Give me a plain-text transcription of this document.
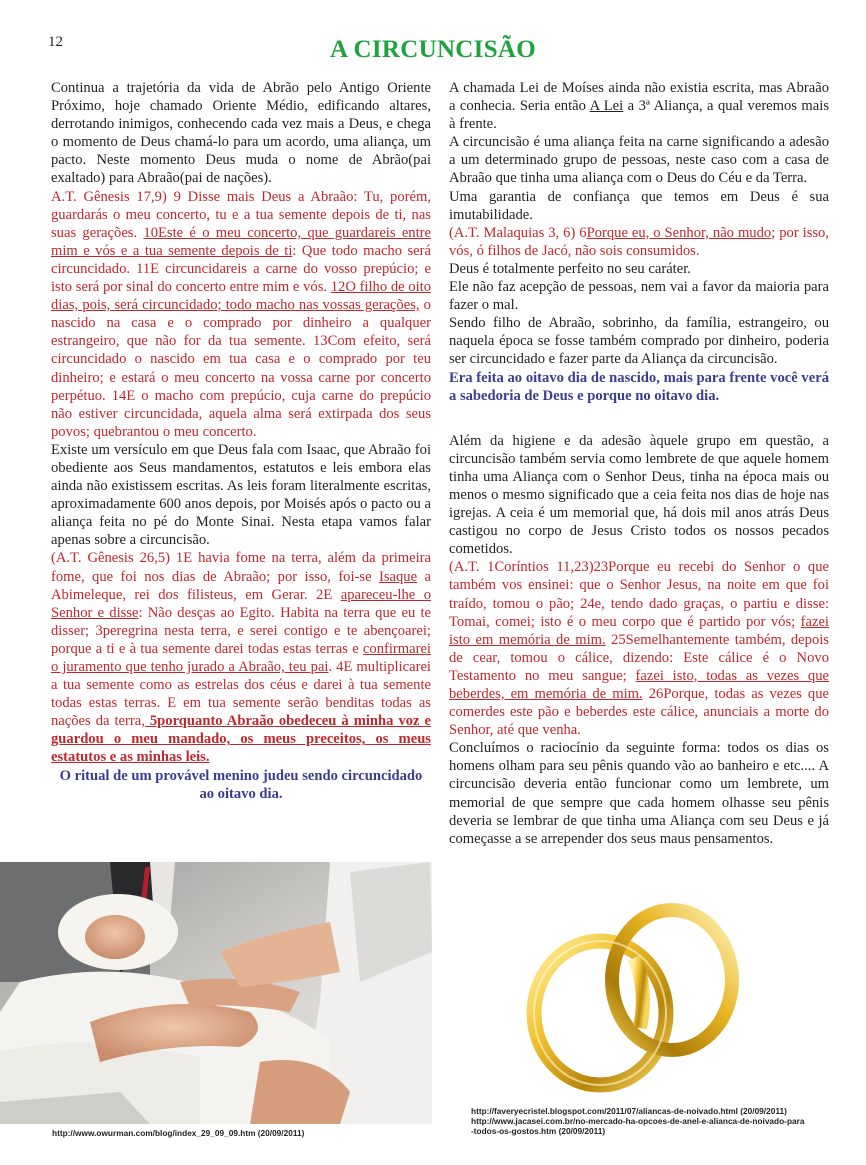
12	A CIRCUNCISÃO

Continua a trajetória da vida de Abrão pelo Antigo Oriente Próximo, hoje chamado Oriente Médio, edificando altares, derrotando inimigos, conhecendo cada vez mais a Deus, e chega o momento de Deus chamá-lo para um acordo, uma aliança, um pacto. Neste momento Deus muda o nome de Abrão(pai exaltado) para Abraão(pai de nações).

A.T. Gênesis 17,9) 9 Disse mais Deus a Abraão: Tu, porém, guardarás o meu concerto, tu e a tua semente depois de ti, nas suas gerações. 10Este é o meu concerto, que guardareis entre mim e vós e a tua semente depois de ti: Que todo macho será circuncidado. 11E circuncidareis a carne do vosso prepúcio; e isto será por sinal do concerto entre mim e vós. 12O filho de oito dias, pois, será circuncidado; todo macho nas vossas gerações, o nascido na casa e o comprado por dinheiro a qualquer estrangeiro, que não for da tua semente. 13Com efeito, será circuncidado o nascido em tua casa e o comprado por teu dinheiro; e estará o meu concerto na vossa carne por concerto perpétuo. 14E o macho com prepúcio, cuja carne do prepúcio não estiver circuncidada, aquela alma será extirpada dos seus povos; quebrantou o meu concerto.

Existe um versículo em que Deus fala com Isaac, que Abraão foi obediente aos Seus mandamentos, estatutos e leis embora elas ainda não existissem escritas. As leis foram literalmente escritas, aproximadamente 600 anos depois, por Moisés após o pacto ou a aliança feita no pé do Monte Sinai. Nesta etapa vamos falar apenas sobre a circuncisão.

(A.T. Gênesis 26,5) 1E havia fome na terra, além da primeira fome, que foi nos dias de Abraão; por isso, foi-se Isaque a Abimeleque, rei dos filisteus, em Gerar. 2E apareceu-lhe o Senhor e disse: Não desças ao Egito. Habita na terra que eu te disser; 3peregrina nesta terra, e serei contigo e te abençoarei; porque a ti e à tua semente darei todas estas terras e confirmarei o juramento que tenho jurado a Abraão, teu pai. 4E multiplicarei a tua semente como as estrelas dos céus e darei à tua semente todas estas terras. E em tua semente serão benditas todas as nações da terra, 5porquanto Abraão obedeceu à minha voz e guardou o meu mandado, os meus preceitos, os meus estatutos e as minhas leis.

O ritual de um provável menino judeu sendo circuncidado ao oitavo dia.

A chamada Lei de Moíses ainda não existia escrita, mas Abraão a conhecia. Seria então A Lei a 3ª Aliança, a qual veremos mais à frente.

A circuncisão é uma aliança feita na carne significando a adesão a um determinado grupo de pessoas, neste caso com a casa de Abraão que tinha uma aliança com o Deus do Céu e da Terra.

Uma garantia de confiança que temos em Deus é sua imutabilidade.

(A.T. Malaquias 3, 6) 6Porque eu, o Senhor, não mudo; por isso, vós, ó filhos de Jacó, não sois consumidos.

Deus é totalmente perfeito no seu caráter.

Ele não faz acepção de pessoas, nem vai a favor da maioria para fazer o mal.

Sendo filho de Abraão, sobrinho, da família, estrangeiro, ou naquela época se fosse também comprado por dinheiro, poderia ser circuncidado e fazer parte da Aliança da circuncisão.

Era feita ao oitavo dia de nascido, mais para frente você verá a sabedoria de Deus e porque no oitavo dia.

Além da higiene e da adesão àquele grupo em questão, a circuncisão também servia como lembrete de que aquele homem tinha uma Aliança com o Senhor Deus, tinha na época mais ou menos o mesmo significado que a ceia feita nos dias de hoje nas igrejas. A ceia é um memorial que, há dois mil anos atrás Deus castigou no corpo de Jesus Cristo todos os nossos pecados cometidos.

(A.T. 1Coríntios 11,23)23Porque eu recebi do Senhor o que também vos ensinei: que o Senhor Jesus, na noite em que foi traído, tomou o pão; 24e, tendo dado graças, o partiu e disse: Tomai, comei; isto é o meu corpo que é partido por vós; fazei isto em memória de mim. 25Semelhantemente também, depois de cear, tomou o cálice, dizendo: Este cálice é o Novo Testamento no meu sangue; fazei isto, todas as vezes que beberdes, em memória de mim. 26Porque, todas as vezes que comerdes este pão e beberdes este cálice, anunciais a morte do Senhor, até que venha.

Concluímos o raciocínio da seguinte forma: todos os dias os homens olham para seu pênis quando vão ao banheiro e etc.... A circuncisão deveria então funcionar como um lembrete, um memorial de que sempre que cada homem olhasse seu pênis deveria se lembrar de que tinha uma Aliança com seu Deus e já começasse a se arrepender dos seus maus pensamentos.

http://www.owurman.com/blog/index_29_09_09.htm (20/09/2011)
http://faveryecristel.blogspot.com/2011/07/aliancas-de-noivado.html (20/09/2011)
http://www.jacasei.com.br/no-mercado-ha-opcoes-de-anel-e-alianca-de-noivado-para
-todos-os-gostos.htm (20/09/2011)
